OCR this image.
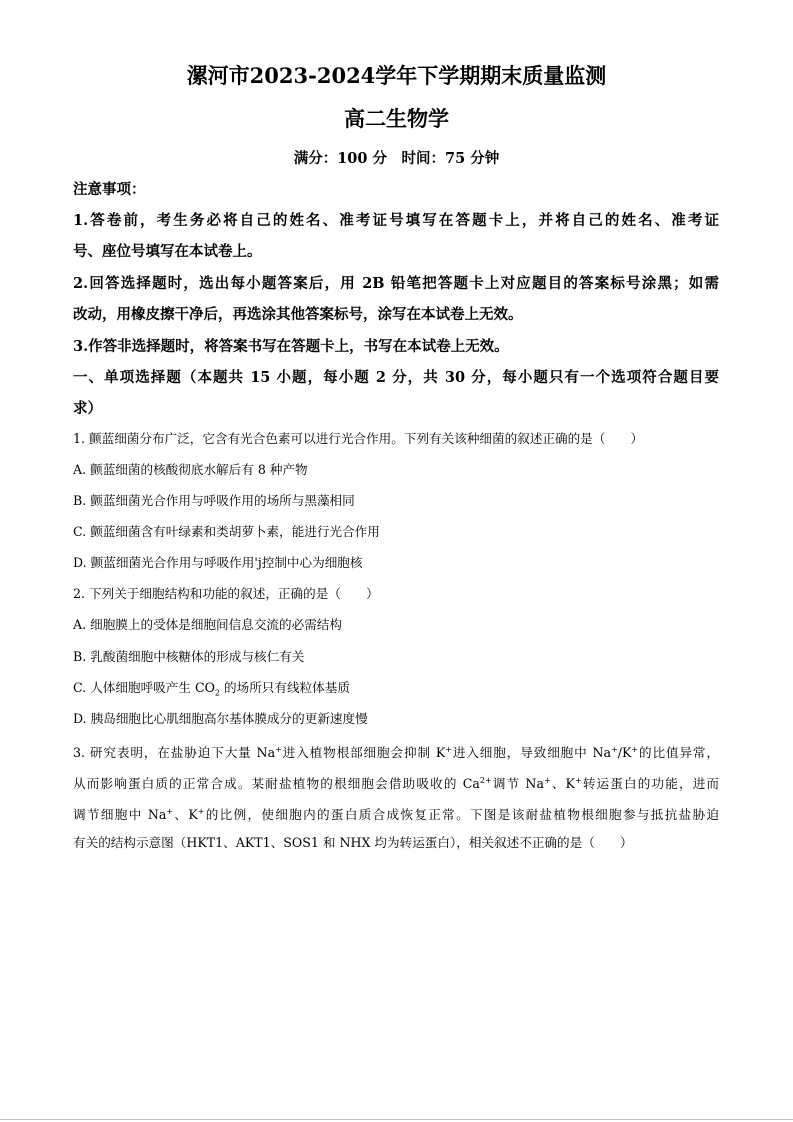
漯河市2023-2024学年下学期期末质量监测
高二生物学
满分：100 分　时间：75 分钟
注意事项：
1.答卷前，考生务必将自己的姓名、准考证号填写在答题卡上，并将自己的姓名、准考证
号、座位号填写在本试卷上。
2.回答选择题时，选出每小题答案后，用 2B 铅笔把答题卡上对应题目的答案标号涂黑；如需
改动，用橡皮擦干净后，再选涂其他答案标号，涂写在本试卷上无效。
3.作答非选择题时，将答案书写在答题卡上，书写在本试卷上无效。
一、单项选择题（本题共 15 小题，每小题 2 分，共 30 分，每小题只有一个选项符合题目要
求）
1. 颤蓝细菌分布广泛，它含有光合色素可以进行光合作用。下列有关该种细菌的叙述正确的是（　　）
A. 颤蓝细菌的核酸彻底水解后有 8 种产物
B. 颤蓝细菌光合作用与呼吸作用的场所与黑藻相同
C. 颤蓝细菌含有叶绿素和类胡萝卜素，能进行光合作用
D. 颤蓝细菌光合作用与呼吸作用'j控制中心为细胞核
2. 下列关于细胞结构和功能的叙述，正确的是（　　）
A. 细胞膜上的受体是细胞间信息交流的必需结构
B. 乳酸菌细胞中核糖体的形成与核仁有关
C. 人体细胞呼吸产生 $CO_2$ 的场所只有线粒体基质
D. 胰岛细胞比心肌细胞高尔基体膜成分的更新速度慢
3. 研究表明，在盐胁迫下大量 Na+进入植物根部细胞会抑制 K+进入细胞，导致细胞中 Na+/K+的比值异常，
从而影响蛋白质的正常合成。某耐盐植物的根细胞会借助吸收的 $Ca^{2+}$调节 Na+、K+转运蛋白的功能，进而
调节细胞中 Na+、K+的比例，使细胞内的蛋白质合成恢复正常。下图是该耐盐植物根细胞参与抵抗盐胁迫
有关的结构示意图（HKT1、AKT1、SOS1 和 NHX 均为转运蛋白），相关叙述不正确的是（　　）
